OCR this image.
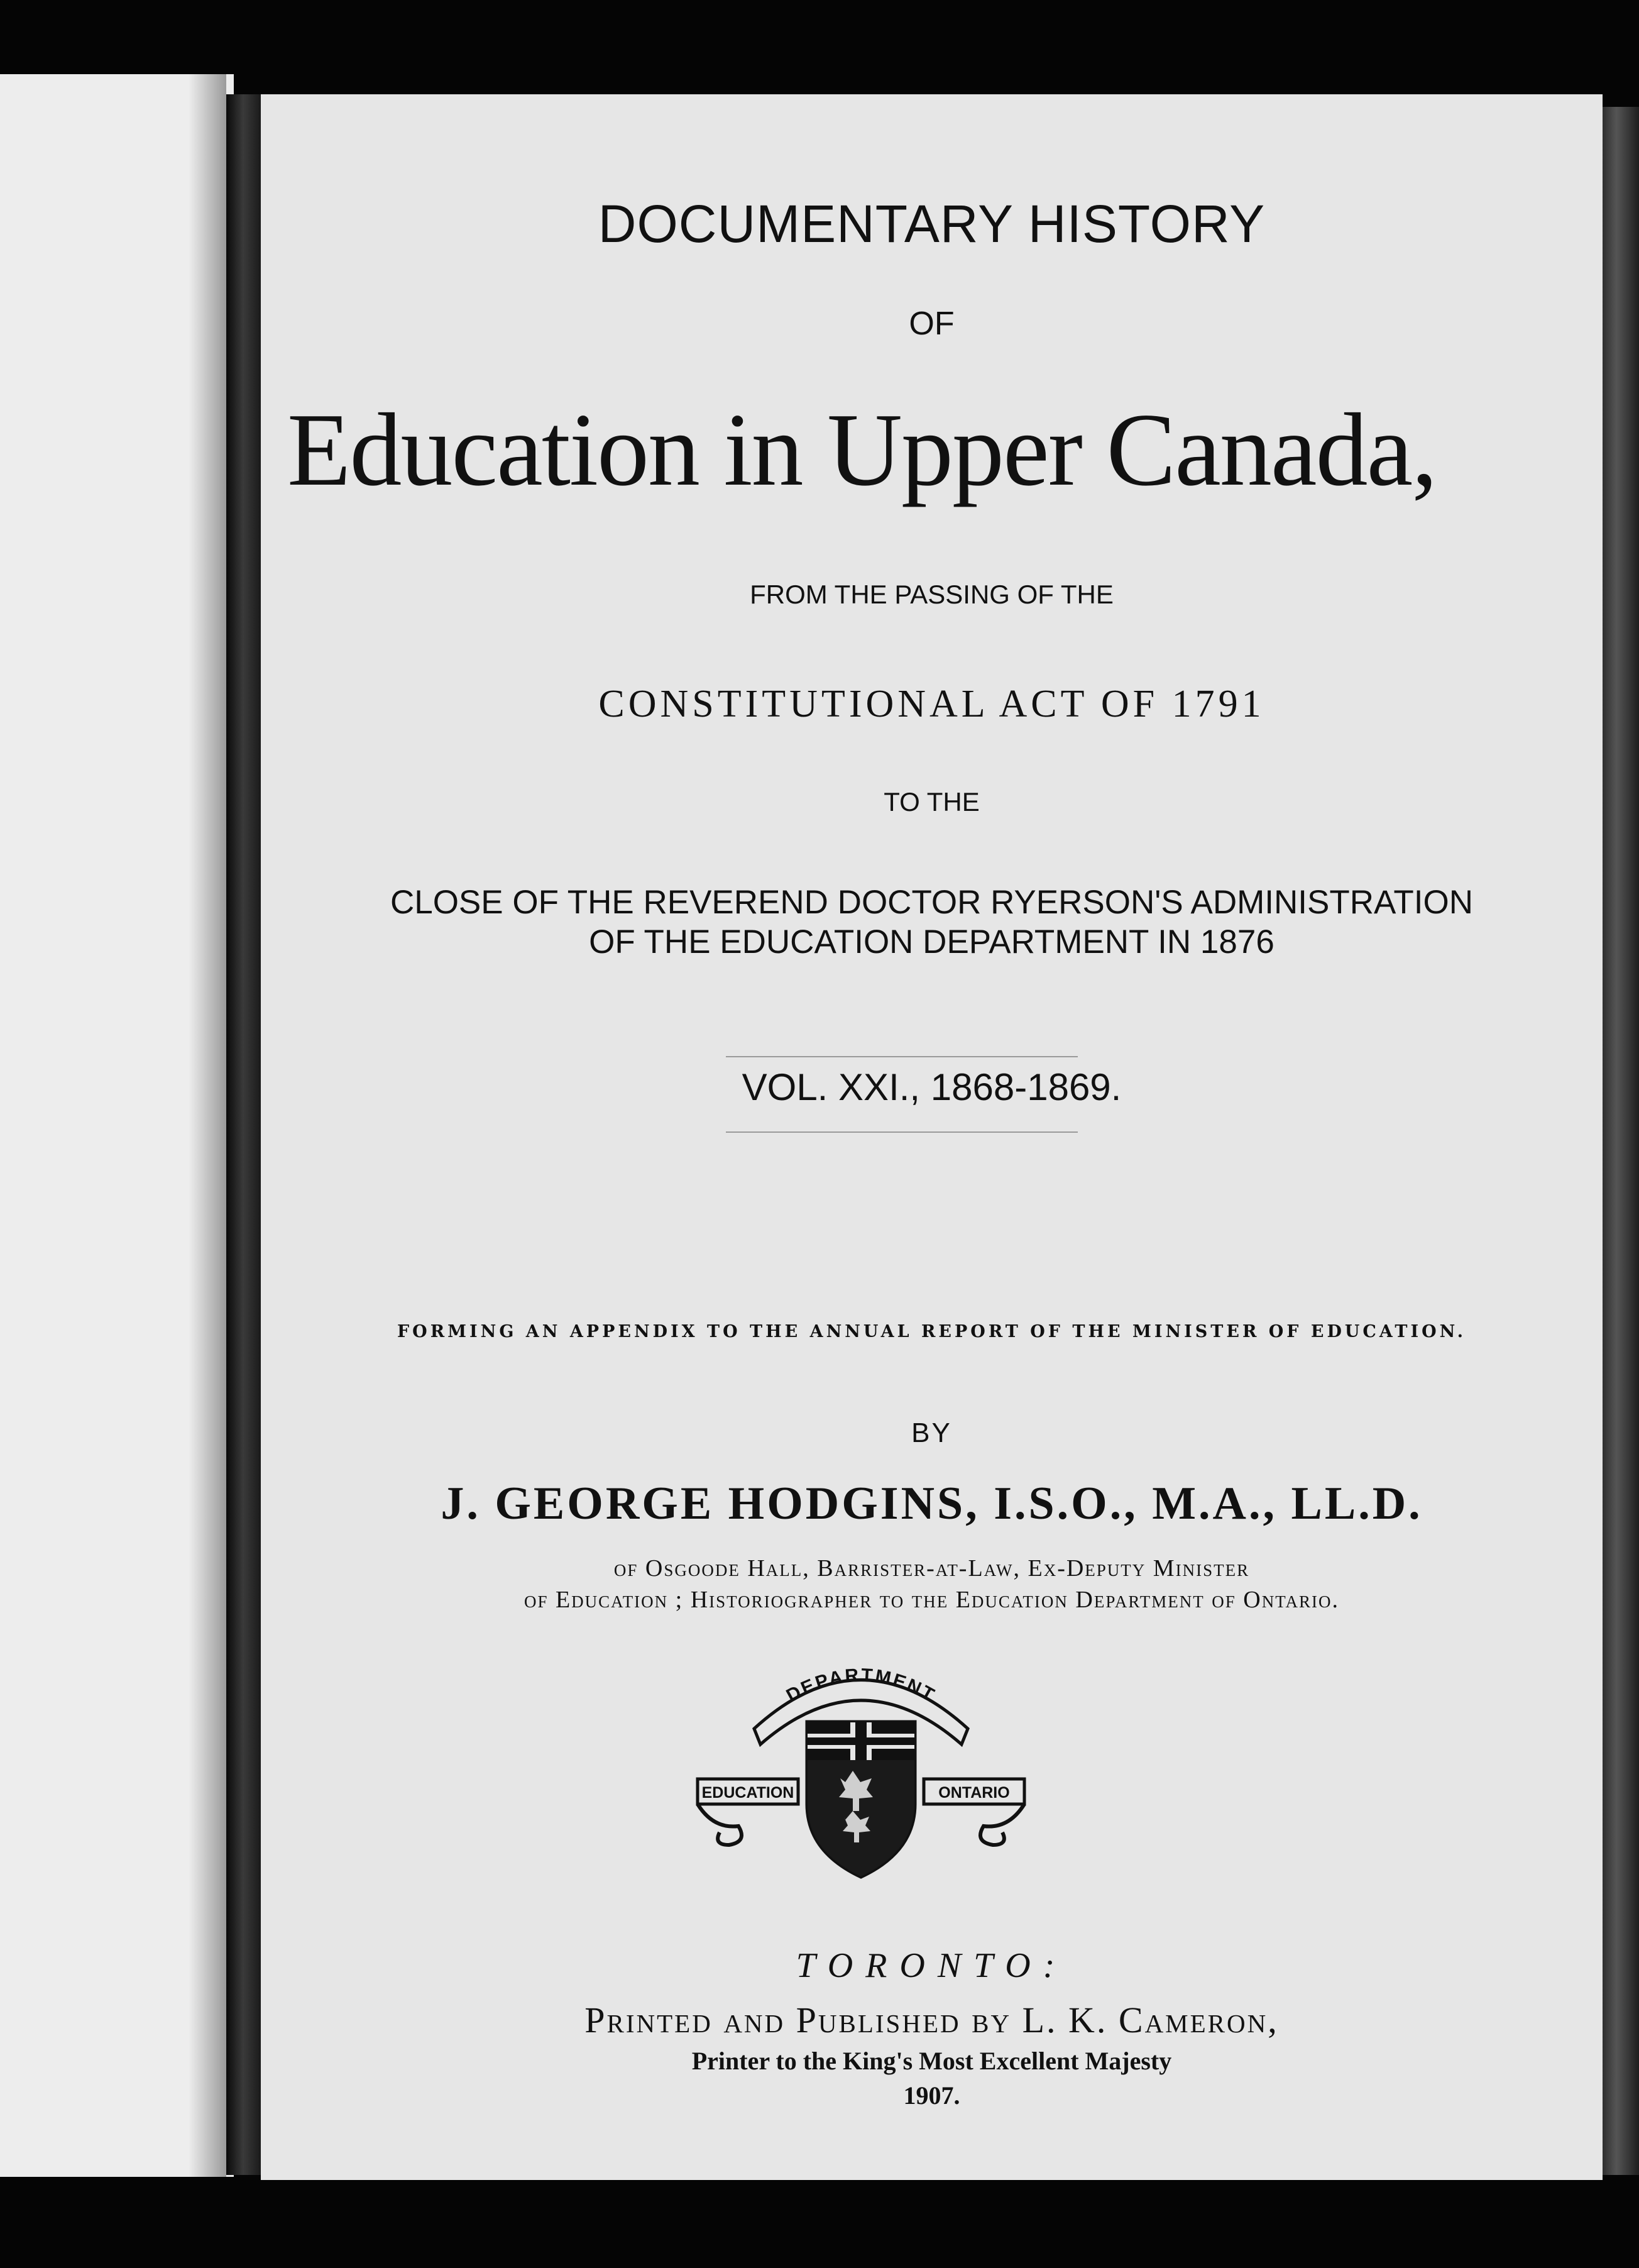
DOCUMENTARY HISTORY
OF
Education in Upper Canada,
FROM THE PASSING OF THE
CONSTITUTIONAL ACT OF 1791
TO THE
CLOSE OF THE REVEREND DOCTOR RYERSON'S ADMINISTRATION
OF THE EDUCATION DEPARTMENT IN 1876
VOL. XXI., 1868-1869.
FORMING AN APPENDIX TO THE ANNUAL REPORT OF THE MINISTER OF EDUCATION.
BY
J. GEORGE HODGINS, I.S.O., M.A., LL.D.
of Osgoode Hall, Barrister-at-Law, Ex-Deputy Minister
of Education ; Historiographer to the Education Department of Ontario.
DEPARTMENT
EDUCATION	ONTARIO
TORONTO:
Printed and Published by L. K. Cameron,
Printer to the King's Most Excellent Majesty
1907.
